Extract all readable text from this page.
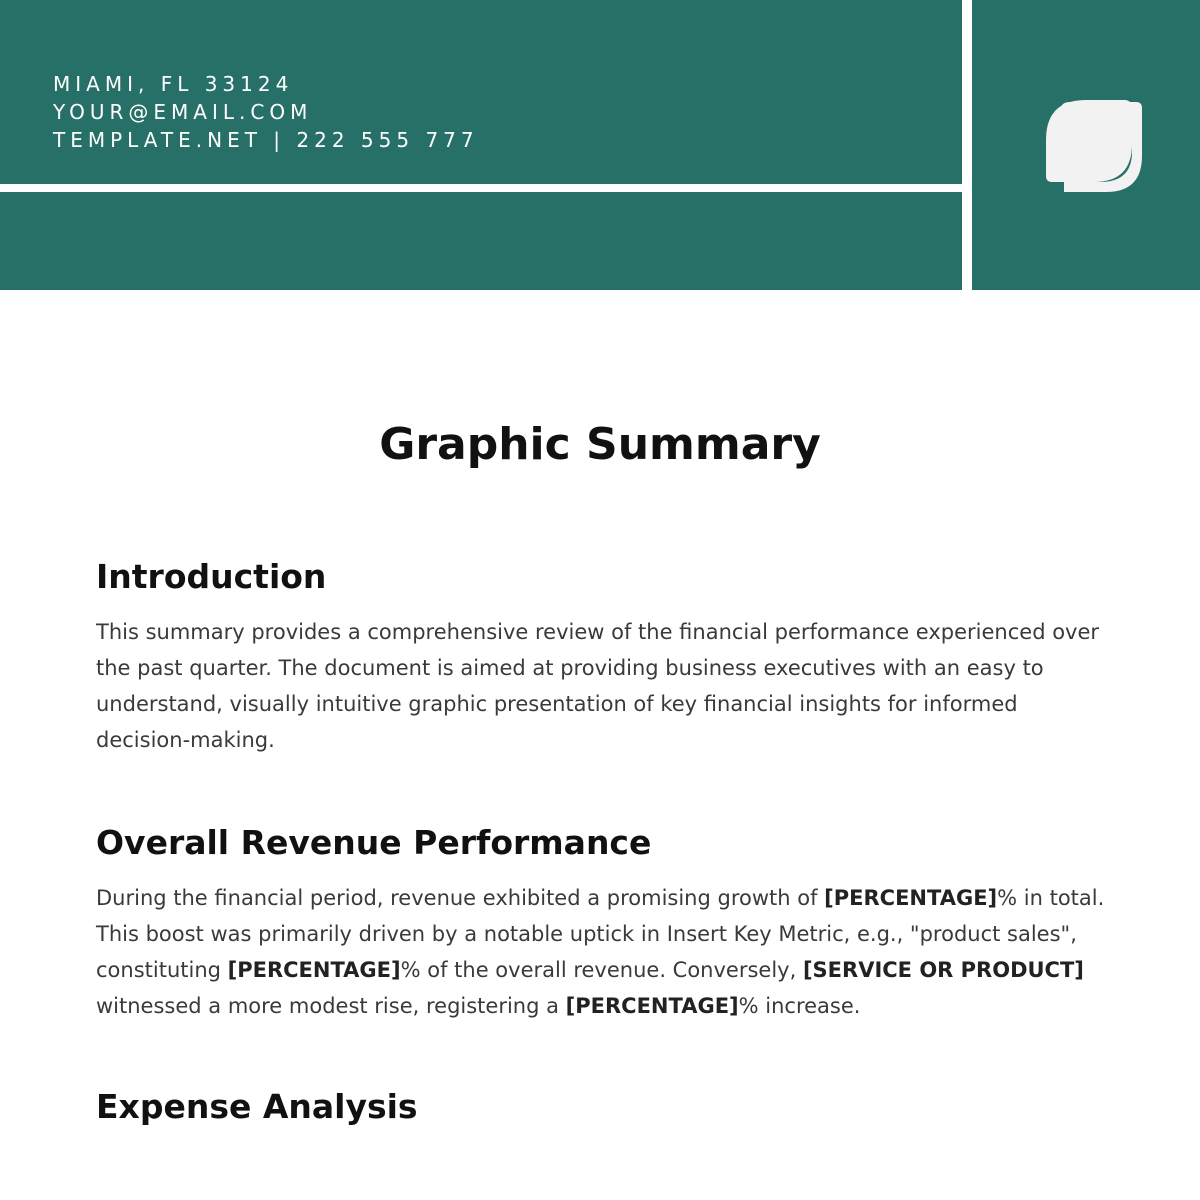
MIAMI, FL 33124
YOUR@EMAIL.COM
TEMPLATE.NET | 222 555 777
Graphic Summary
Introduction

This summary provides a comprehensive review of the financial performance experienced over the past quarter. The document is aimed at providing business executives with an easy to understand, visually intuitive graphic presentation of key financial insights for informed decision-making.

Overall Revenue Performance

During the financial period, revenue exhibited a promising growth of [PERCENTAGE]% in total. This boost was primarily driven by a notable uptick in Insert Key Metric, e.g., "product sales", constituting [PERCENTAGE]% of the overall revenue. Conversely, [SERVICE OR PRODUCT] witnessed a more modest rise, registering a [PERCENTAGE]% increase.

Expense Analysis
